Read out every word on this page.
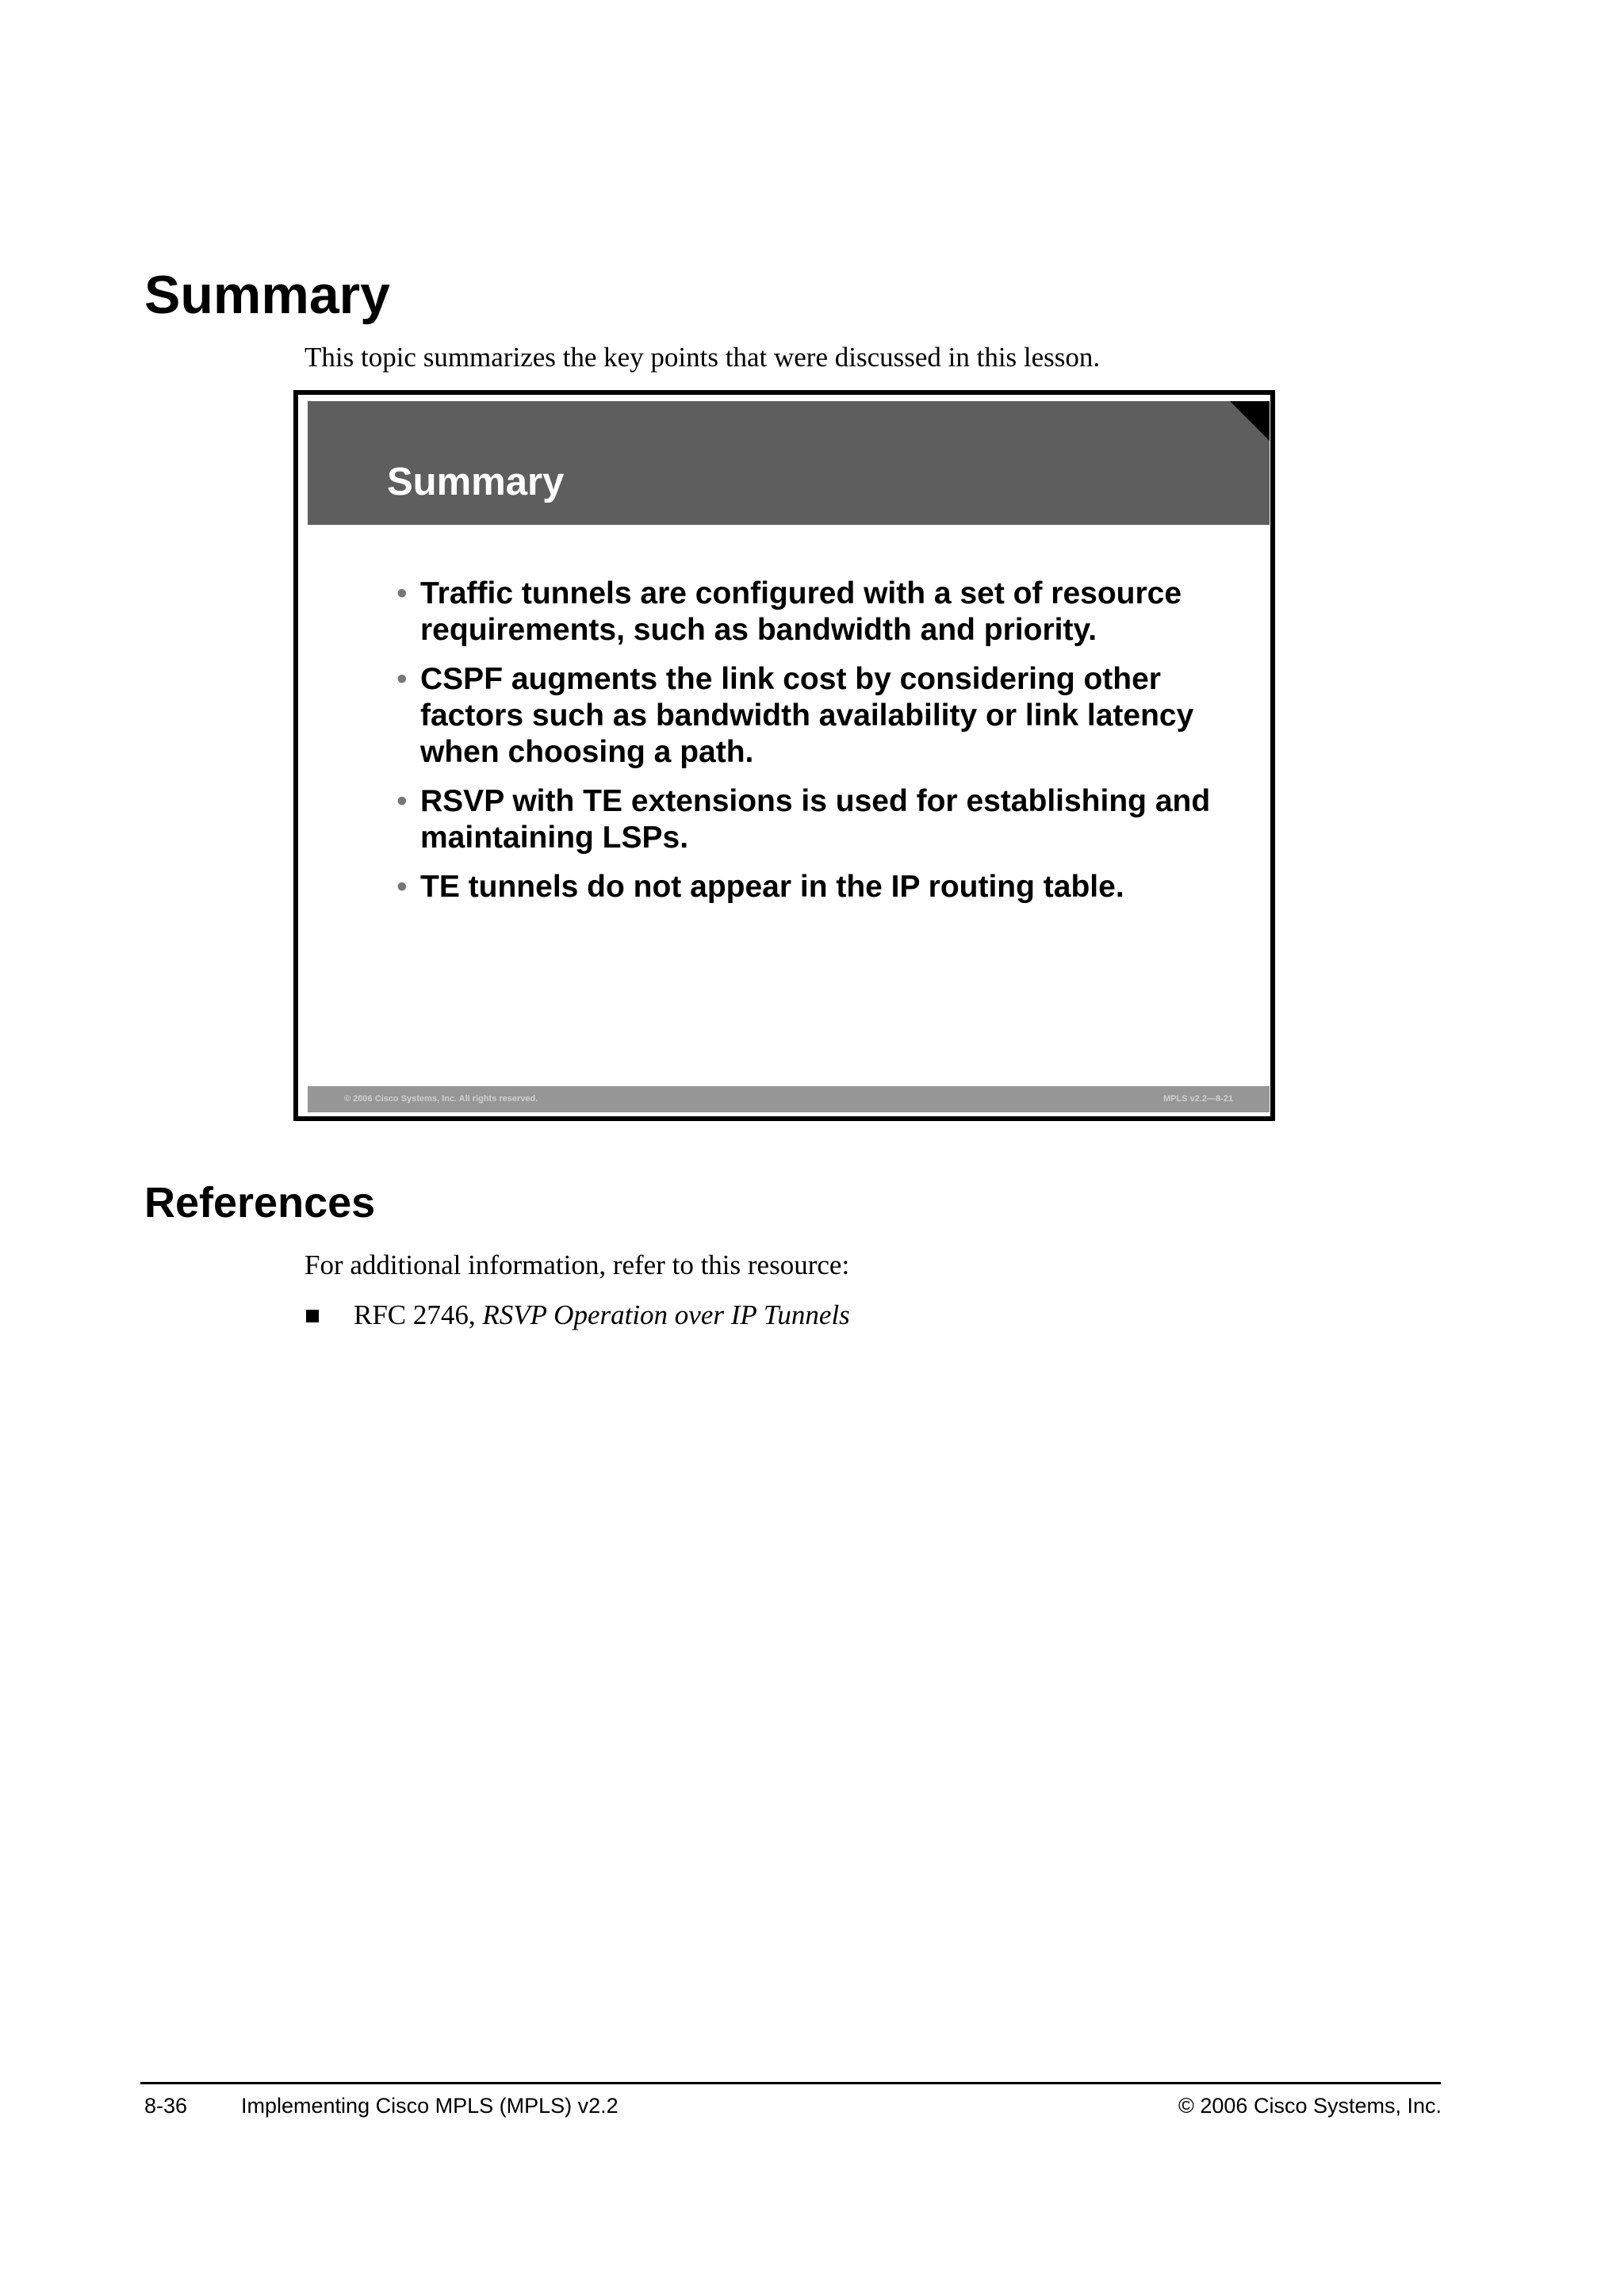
Summary

This topic summarizes the key points that were discussed in this lesson.

Summary
• Traffic tunnels are configured with a set of resource requirements, such as bandwidth and priority.
• CSPF augments the link cost by considering other factors such as bandwidth availability or link latency when choosing a path.
• RSVP with TE extensions is used for establishing and maintaining LSPs.
• TE tunnels do not appear in the IP routing table.
© 2006 Cisco Systems, Inc. All rights reserved.	MPLS v2.2—8-21
References

For additional information, refer to this resource:

RFC 2746, RSVP Operation over IP Tunnels
8-36	Implementing Cisco MPLS (MPLS) v2.2	© 2006 Cisco Systems, Inc.
